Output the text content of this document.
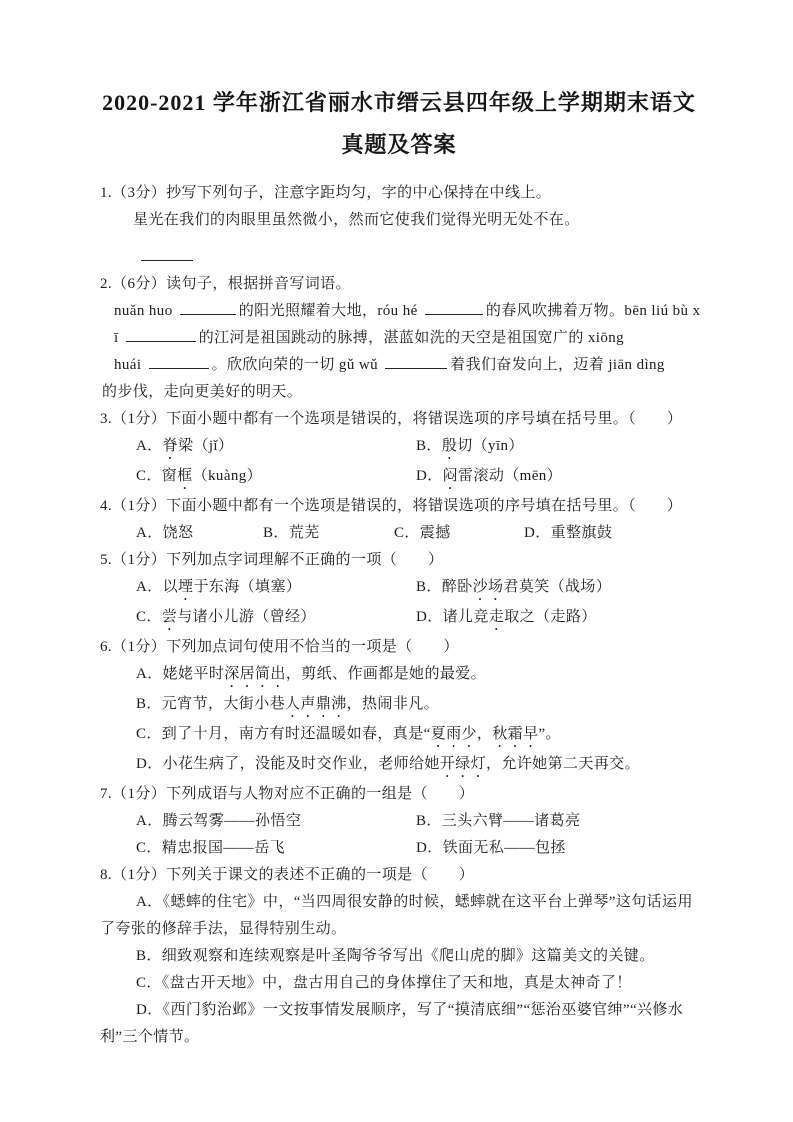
2020-2021 学年浙江省丽水市缙云县四年级上学期期末语文
真题及答案
1.（3分）抄写下列句子，注意字距均匀，字的中心保持在中线上。
星光在我们的肉眼里虽然微小，然而它使我们觉得光明无处不在。
2.（6分）读句子，根据拼音写词语。
nuǎn huo	的阳光照耀着大地，róu hé	的春风吹拂着万物。bēn liú bù x
ī	的江河是祖国跳动的脉搏，湛蓝如洗的天空是祖国宽广的 xiōng
huái	。欣欣向荣的一切 gǔ wǔ	着我们奋发向上，迈着 jiān dìng
的步伐，走向更美好的明天。
3.（1分）下面小题中都有一个选项是错误的，将错误选项的序号填在括号里。（　　）
A．脊梁（jǐ）	B．殷切（yīn）
C．窗框（kuàng）	D．闷雷滚动（mēn）
4.（1分）下面小题中都有一个选项是错误的，将错误选项的序号填在括号里。（　　）
A．饶怒	B．荒芜	C．震撼	D．重整旗鼓
5.（1分）下列加点字词理解不正确的一项（　　）
A．以堙于东海（填塞）	B．醉卧沙场君莫笑（战场）
C．尝与诸小儿游（曾经）	D．诸儿竞走取之（走路）
6.（1分）下列加点词句使用不恰当的一项是（　　）

A．姥姥平时深居简出，剪纸、作画都是她的最爱。

B．元宵节，大街小巷人声鼎沸，热闹非凡。

C．到了十月，南方有时还温暖如春，真是“夏雨少，秋霜早”。

D．小花生病了，没能及时交作业，老师给她开绿灯，允许她第二天再交。

7.（1分）下列成语与人物对应不正确的一组是（　　）
A．腾云驾雾——孙悟空	B．三头六臂——诸葛亮
C．精忠报国——岳飞	D．铁面无私——包拯
8.（1分）下列关于课文的表述不正确的一项是（　　）

A．《蟋蟀的住宅》中，“当四周很安静的时候，蟋蟀就在这平台上弹琴”这句话运用了夸张的修辞手法，显得特别生动。

B．细致观察和连续观察是叶圣陶爷爷写出《爬山虎的脚》这篇美文的关键。

C．《盘古开天地》中，盘古用自己的身体撑住了天和地，真是太神奇了！

D．《西门豹治邺》一文按事情发展顺序，写了“摸清底细”“惩治巫婆官绅”“兴修水利”三个情节。
